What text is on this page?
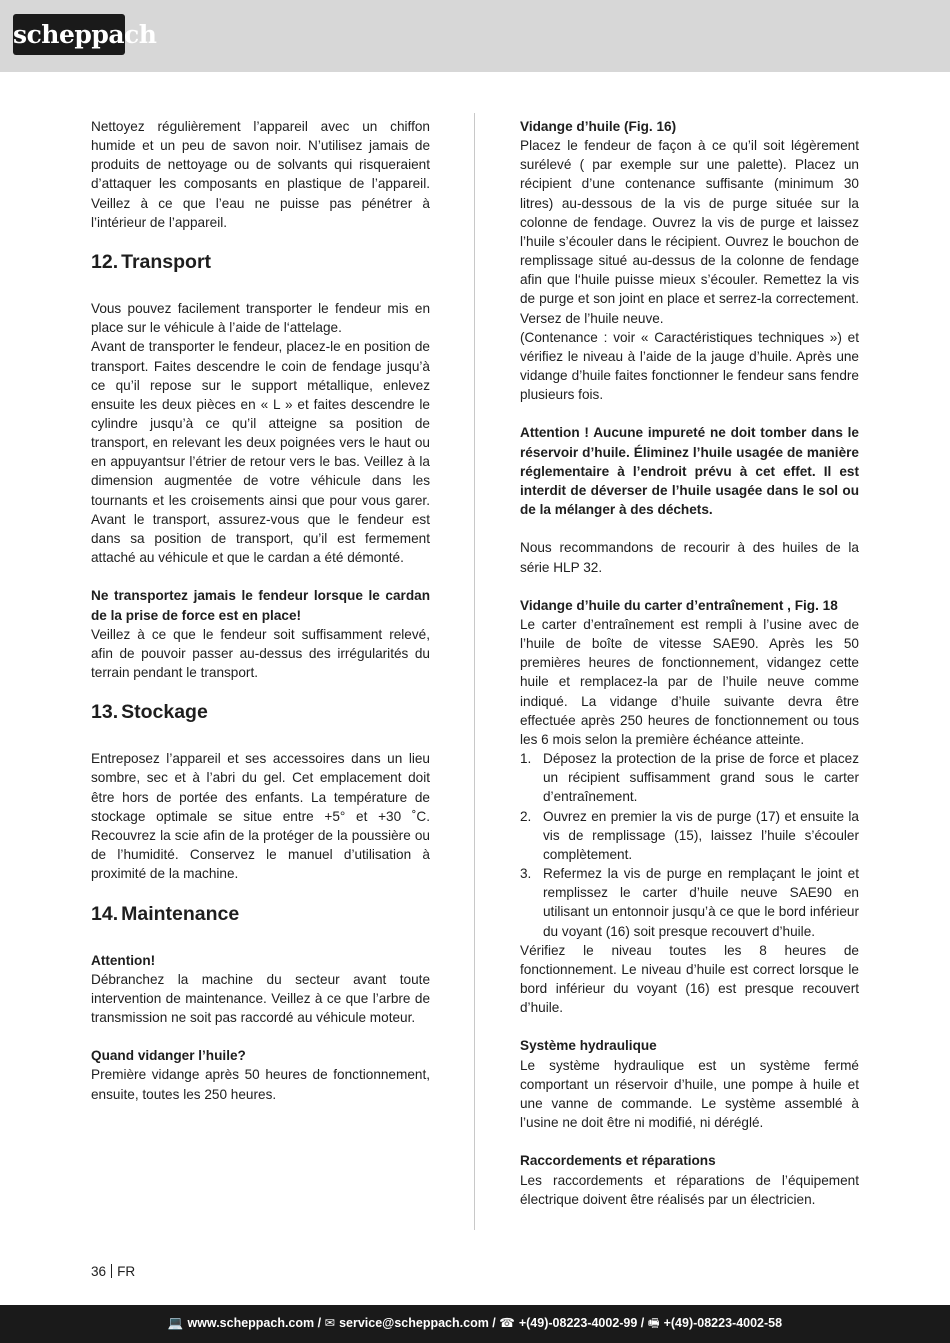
scheppach

Nettoyez régulièrement l’appareil avec un chiffon humide et un peu de savon noir. N’utilisez jamais de produits de nettoyage ou de solvants qui risqueraient d’attaquer les composants en plastique de l’appareil. Veillez à ce que l’eau ne puisse pas pénétrer à l’intérieur de l’appareil.

12. Transport

Vous pouvez facilement transporter le fendeur mis en place sur le véhicule à l’aide de l‘attelage.

Avant de transporter le fendeur, placez-le en position de transport. Faites descendre le coin de fendage jusqu’à ce qu’il repose sur le support métallique, enlevez ensuite les deux pièces en « L » et faites descendre le cylindre jusqu’à ce qu’il atteigne sa position de transport, en relevant les deux poignées vers le haut ou en appuyantsur l’étrier de retour vers le bas. Veillez à la dimension augmentée de votre véhicule dans les tournants et les croisements ainsi que pour vous garer. Avant le transport, assurez-vous que le fendeur est dans sa position de transport, qu’il est fermement attaché au véhicule et que le cardan a été démonté.

Ne transportez jamais le fendeur lorsque le cardan de la prise de force est en place!

Veillez à ce que le fendeur soit suffisamment relevé, afin de pouvoir passer au-dessus des irrégularités du terrain pendant le transport.

13. Stockage

Entreposez l’appareil et ses accessoires dans un lieu sombre, sec et à l’abri du gel. Cet emplacement doit être hors de portée des enfants. La température de stockage optimale se situe entre +5° et +30 ˚C. Recouvrez la scie afin de la protéger de la poussière ou de l’humidité. Conservez le manuel d’utilisation à proximité de la machine.

14. Maintenance

Attention!

Débranchez la machine du secteur avant toute intervention de maintenance. Veillez à ce que l’arbre de transmission ne soit pas raccordé au véhicule moteur.

Quand vidanger l’huile?

Première vidange après 50 heures de fonctionnement, ensuite, toutes les 250 heures.

Vidange d’huile (Fig. 16)

Placez le fendeur de façon à ce qu’il soit légèrement surélevé ( par exemple sur une palette). Placez un récipient d’une contenance suffisante (minimum 30 litres) au-dessous de la vis de purge située sur la colonne de fendage. Ouvrez la vis de purge et laissez l’huile s’écouler dans le récipient. Ouvrez le bouchon de remplissage situé au-dessus de la colonne de fendage afin que l‘huile puisse mieux s’écouler. Remettez la vis de purge et son joint en place et serrez-la correctement. Versez de l’huile neuve.

(Contenance : voir « Caractéristiques techniques ») et vérifiez le niveau à l’aide de la jauge d’huile. Après une vidange d’huile faites fonctionner le fendeur sans fendre plusieurs fois.

Attention ! Aucune impureté ne doit tomber dans le réservoir d’huile. Éliminez l’huile usagée de manière réglementaire à l’endroit prévu à cet effet. Il est interdit de déverser de l’huile usagée dans le sol ou de la mélanger à des déchets.

Nous recommandons de recourir à des huiles de la série HLP 32.

Vidange d’huile du carter d’entraînement , Fig. 18

Le carter d’entraînement est rempli à l’usine avec de l’huile de boîte de vitesse SAE90. Après les 50 premières heures de fonctionnement, vidangez cette huile et remplacez-la par de l’huile neuve comme indiqué. La vidange d’huile suivante devra être effectuée après 250 heures de fonctionnement ou tous les 6 mois selon la première échéance atteinte.

1. Déposez la protection de la prise de force et placez un récipient suffisamment grand sous le carter d’entraînement.
2. Ouvrez en premier la vis de purge (17) et ensuite la vis de remplissage (15), laissez l’huile s’écouler complètement.
3. Refermez la vis de purge en remplaçant le joint et remplissez le carter d’huile neuve SAE90 en utilisant un entonnoir jusqu’à ce que le bord inférieur du voyant (16) soit presque recouvert d’huile.

Vérifiez le niveau toutes les 8 heures de fonctionnement. Le niveau d’huile est correct lorsque le bord inférieur du voyant (16) est presque recouvert d’huile.

Système hydraulique

Le système hydraulique est un système fermé comportant un réservoir d’huile, une pompe à huile et une vanne de commande. Le système assemblé à l’usine ne doit être ni modifié, ni déréglé.

Raccordements et réparations

Les raccordements et réparations de l’équipement électrique doivent être réalisés par un électricien.

36 FR
💻 www.scheppach.com / ✉ service@scheppach.com / ☎ +(49)-08223-4002-99 / 🖷 +(49)-08223-4002-58
